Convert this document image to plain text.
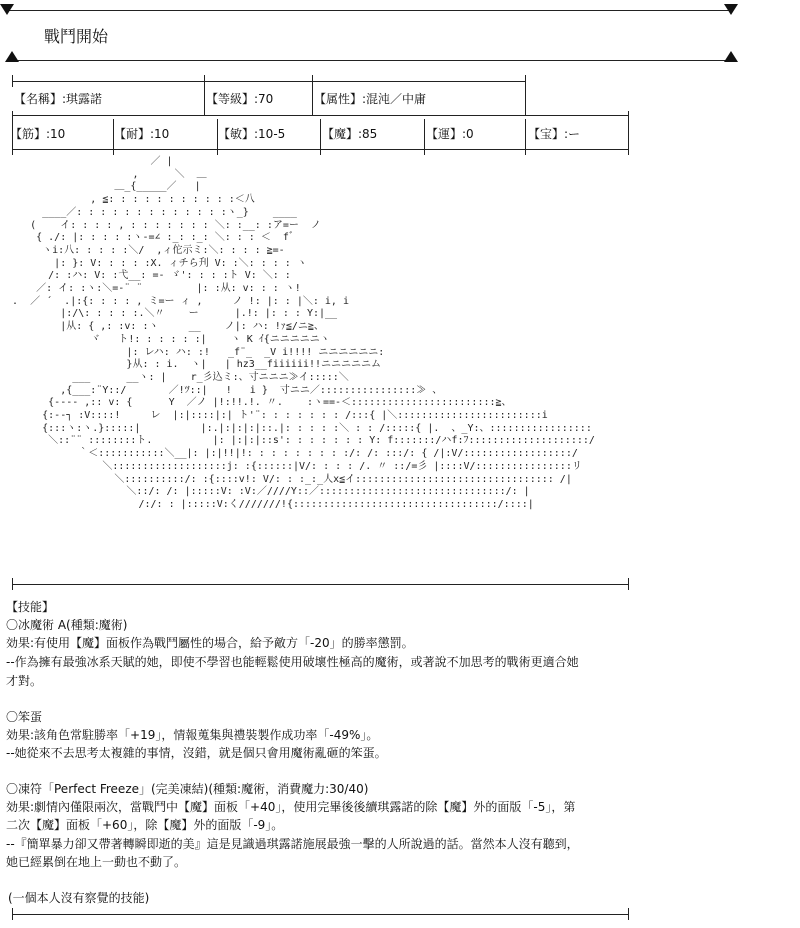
戰鬥開始
【名稱】:琪露諾	【等級】:70	【属性】:混沌／中庸
【筋】:10	【耐】:10	【敏】:10-5	【魔】:85	【運】:0	【宝】:ー
／ |
,      ＼  ＿
＿_{_____／   |
, ≦: : : : : : : : : : :＜八
____／: : : : : : : : : : : : :ヽ_}    ____
(    イ: : : : , : : : : : : : ＼: :__: :ア=ー  ノ
{ ./: |: : : : :ヽ-=∠ :_: :_: ＼: : : ＜  f゛
ヽi:八: : : : :＼/  ,ィ佗示ミ:＼: : : : ≧=-
|: }: V: : : : :X. ィチら刋 V: :＼: : : : ヽ
/: :ハ: V: :弋__: =- ゞ': : : :ト V: ＼: :
／: イ: :ヽ:＼=-¨ ¨         |: :从: v: : : ヽ!
.  ／ ´  .|:{: : : : , ミ=ー ィ ,     ノ !: |: : |＼: i, i
|:/\: : : : :.＼〃    ー      |.!: |: : : Y:|__
|从: { ,: :v: :ヽ     __    ノ|: ハ: !ｧ≦/ニ≧、
ヾ   ト!: : : : : :|    ヽ K ｲ{ニニニニニヽ
|: レハ: ハ: :!   _f¨_  _V i!!!! ニニニニニニ:
}从: : i.  ヽ|   | hz3__fiiiiii!!ニニニニニム
___      __ヽ: |    r_彡込ミ:、寸ニニニ≫イ:::::＼
,{___:¨Y::/       ／!ﾂ::|   !   i }  寸ニニ／::::::::::::::::≫ 、
{---- ,:: v: {      Y  ／ノ |!:!!.!. 〃.    :ヽ==-＜::::::::::::::::::::::::≧、
{:--┐ :V::::!     レ  |:|::::|:| ト'¨: : : : : : : /:::{ |＼::::::::::::::::::::::::i
{:::ヽ:ヽ.}:::::|          |:.|:|:|:|::.|: : : : :＼ : : /:::::{ |.  、_Y:、:::::::::::::::::
＼::¨¨ ::::::::ト.          |: |:|:|::s': : : : : : : Y: f:::::::/ハf:ﾌ::::::::::::::::::::/
｀＜:::::::::::＼__|: |:|!!|!: : : : : : : : :/: /: :::/: { /|:V/::::::::::::::::::/
＼:::::::::::::::::::j: :{::::::|V/: : : : /. 〃 ::/=彡 |::::V/::::::::::::::::リ
＼::::::::::/: :{::::v!: V/: : :_:_人x≦イ::::::::::::::::::::::::::::::::: /|
＼::/: /: |:::::V: :V:／////Y::／:::::::::::::::::::::::::::::::/: |
/:/: : |:::::V:く///////!{::::::::::::::::::::::::::::::::::/::::|
【技能】
〇冰魔術 A(種類:魔術)
効果:有使用【魔】面板作為戰鬥屬性的場合，給予敵方「-20」的勝率懲罰。
--作為擁有最強冰系天賦的她，即使不學習也能輕鬆使用破壞性極高的魔術，或著說不加思考的戰術更適合她
才對。
〇笨蛋
効果:該角色常駐勝率「+19」，情報蒐集與禮裝製作成功率「-49%」。
--她從來不去思考太複雜的事情，沒錯，就是個只會用魔術亂砸的笨蛋。
〇凍符「Perfect Freeze」(完美凍結)(種類:魔術，消費魔力:30/40)
効果:劇情內僅限兩次，當戰鬥中【魔】面板「+40」，使用完畢後後續琪露諾的除【魔】外的面版「-5」，第
二次【魔】面板「+60」，除【魔】外的面版「-9」。
--『簡單暴力卻又帶著轉瞬即逝的美』這是見識過琪露諾施展最強一擊的人所說過的話。當然本人沒有聽到，
她已經累倒在地上一動也不動了。
(一個本人沒有察覺的技能)
